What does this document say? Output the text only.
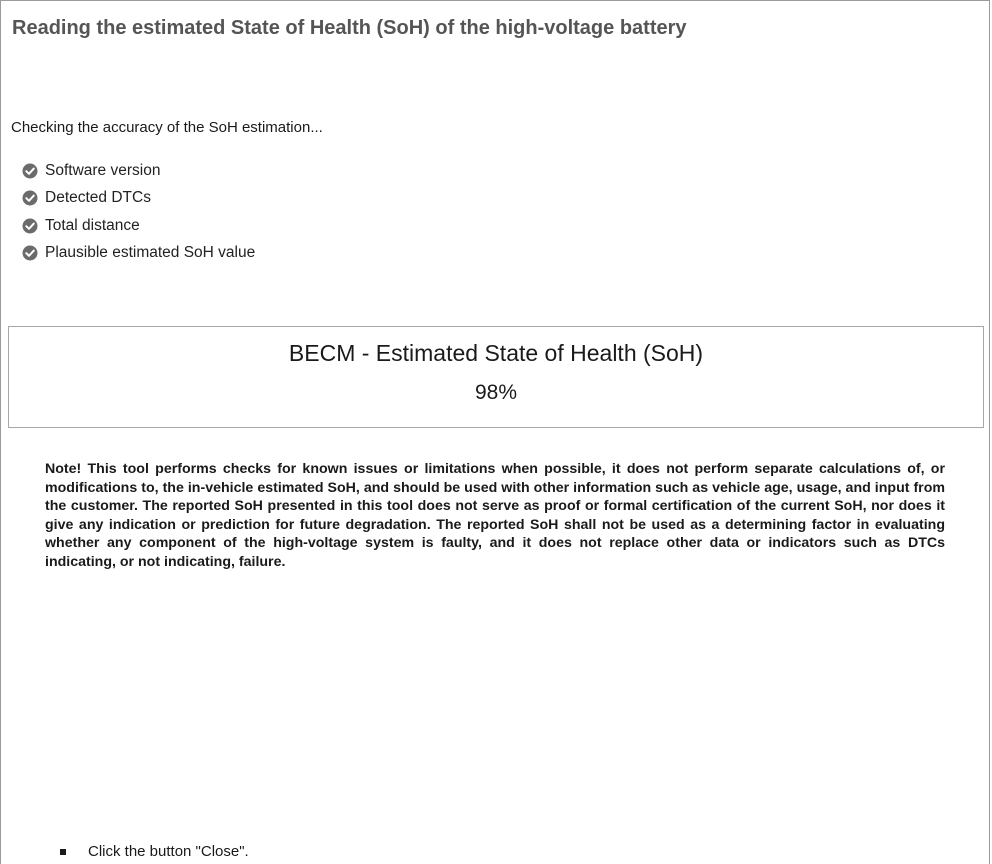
Reading the estimated State of Health (SoH) of the high-voltage battery
Checking the accuracy of the SoH estimation...
Software version
Detected DTCs
Total distance
Plausible estimated SoH value
BECM - Estimated State of Health (SoH)
98%
Note! This tool performs checks for known issues or limitations when possible, it does not perform separate calculations of, or modifications to, the in-vehicle estimated SoH, and should be used with other information such as vehicle age, usage, and input from the customer. The reported SoH presented in this tool does not serve as proof or formal certification of the current SoH, nor does it give any indication or prediction for future degradation. The reported SoH shall not be used as a determining factor in evaluating whether any component of the high-voltage system is faulty, and it does not replace other data or indicators such as DTCs indicating, or not indicating, failure.
Click the button "Close".
